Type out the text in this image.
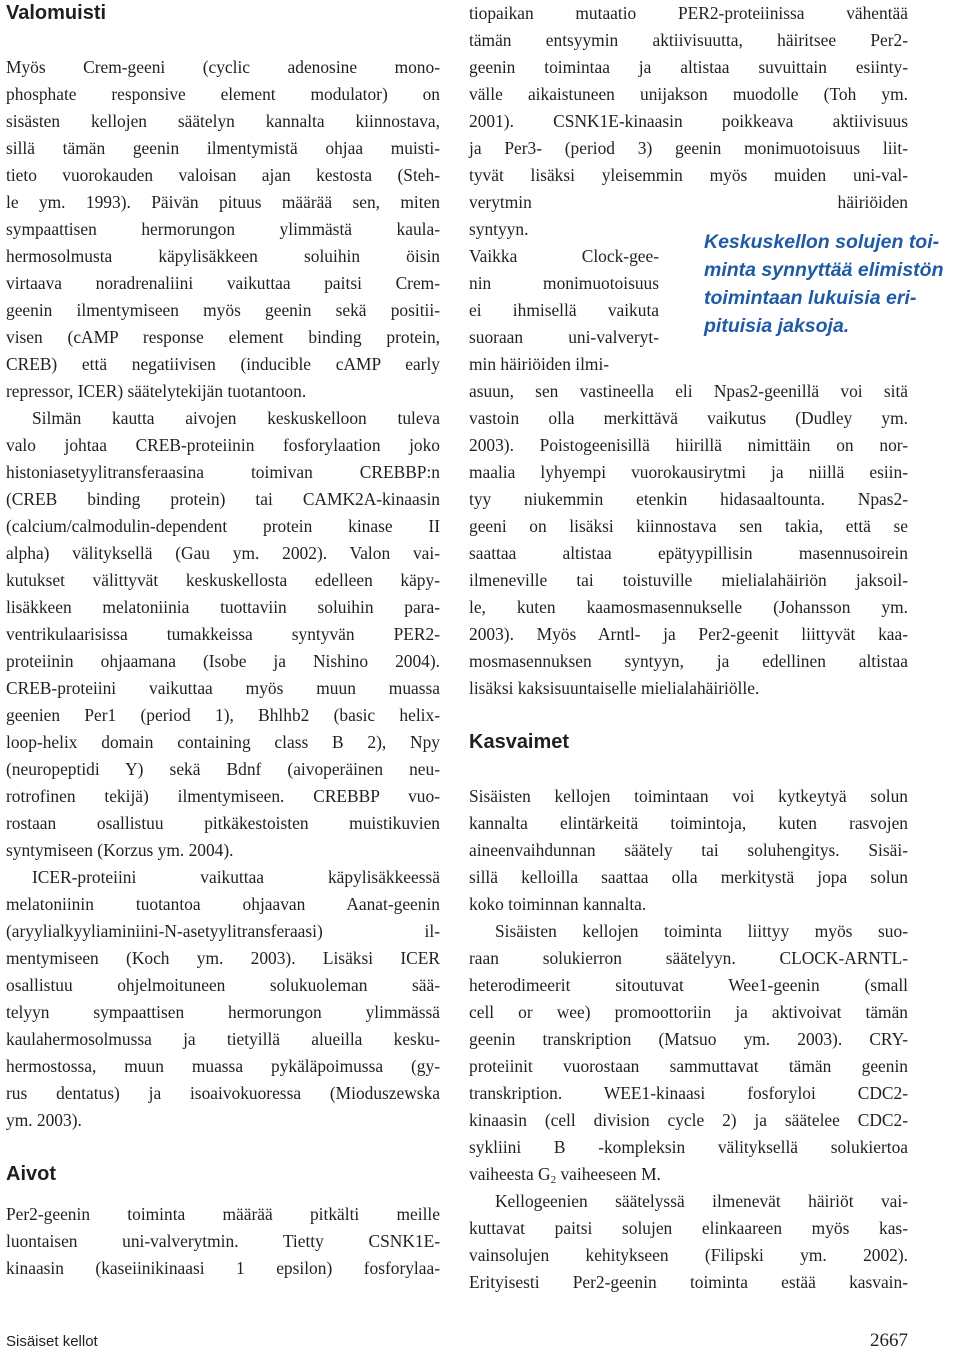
Valomuisti

Myös Crem-geeni (cyclic adenosine mono-
phosphate responsive element modulator) on
sisästen kellojen säätelyn kannalta kiinnostava,
sillä tämän geenin ilmentymistä ohjaa muisti-
tieto vuorokauden valoisan ajan kestosta (Steh-
le ym. 1993). Päivän pituus määrää sen, miten
sympaattisen hermorungon ylimmästä kaula-
hermosolmusta käpylisäkkeen soluihin öisin
virtaava noradrenaliini vaikuttaa paitsi Crem-
geenin ilmentymiseen myös geenin sekä positii-
visen (cAMP response element binding protein,
CREB) että negatiivisen (inducible cAMP early
repressor, ICER) säätelytekijän tuotantoon.

Silmän kautta aivojen keskuskelloon tuleva
valo johtaa CREB-proteiinin fosforylaation joko
histoniasetyylitransferaasina toimivan CREBBP:n
(CREB binding protein) tai CAMK2A-kinaasin
(calcium/calmodulin-dependent protein kinase II
alpha) välityksellä (Gau ym. 2002). Valon vai-
kutukset välittyvät keskuskellosta edelleen käpy-
lisäkkeen melatoniinia tuottaviin soluihin para-
ventrikulaarisissa tumakkeissa syntyvän PER2-
proteiinin ohjaamana (Isobe ja Nishino 2004).
CREB-proteiini vaikuttaa myös muun muassa
geenien Per1 (period 1), Bhlhb2 (basic helix-
loop-helix domain containing class B 2), Npy
(neuropeptidi Y) sekä Bdnf (aivoperäinen neu-
rotrofinen tekijä) ilmentymiseen. CREBBP vuo-
rostaan osallistuu pitkäkestoisten muistikuvien
syntymiseen (Korzus ym. 2004).

ICER-proteiini vaikuttaa käpylisäkkeessä
melatoniinin tuotantoa ohjaavan Aanat-geenin
(aryylialkyyliaminiini-N-asetyylitransferaasi) il-
mentymiseen (Koch ym. 2003). Lisäksi ICER
osallistuu ohjelmoituneen solukuoleman sää-
telyyn sympaattisen hermorungon ylimmässä
kaulahermosolmussa ja tietyillä alueilla kesku-
hermostossa, muun muassa pykäläpoimussa (gy-
rus dentatus) ja isoaivokuoressa (Mioduszewska
ym. 2003).

Aivot

Per2-geenin toiminta määrää pitkälti meille
luontaisen uni-valverytmin. Tietty CSNK1E-
kinaasin (kaseiinikinaasi 1 epsilon) fosforylaa-

tiopaikan mutaatio PER2-proteiinissa vähentää
tämän entsyymin aktiivisuutta, häiritsee Per2-
geenin toimintaa ja altistaa suvuittain esiinty-
välle aikaistuneen unijakson muodolle (Toh ym.
2001). CSNK1E-kinaasin poikkeava aktiivisuus
ja Per3- (period 3) geenin monimuotoisuus liit-
tyvät lisäksi yleisemmin myös muiden uni-val-
verytmin häiriöiden

syntyyn.
Vaikka Clock-gee-
nin monimuotoisuus
ei ihmisellä vaikuta
suoraan uni-valveryt-
min häiriöiden ilmi-

asuun, sen vastineella eli Npas2-geenillä voi sitä
vastoin olla merkittävä vaikutus (Dudley ym.
2003). Poistogeenisillä hiirillä nimittäin on nor-
maalia lyhyempi vuorokausirytmi ja niillä esiin-
tyy niukemmin etenkin hidasaaltounta. Npas2-
geeni on lisäksi kiinnostava sen takia, että se
saattaa altistaa epätyypillisin masennusoirein
ilmeneville tai toistuville mielialahäiriön jaksoil-
le, kuten kaamosmasennukselle (Johansson ym.
2003). Myös Arntl- ja Per2-geenit liittyvät kaa-
mosmasennuksen syntyyn, ja edellinen altistaa
lisäksi kaksisuuntaiselle mielialahäiriölle.

Kasvaimet

Sisäisten kellojen toimintaan voi kytkeytyä solun
kannalta elintärkeitä toimintoja, kuten rasvojen
aineenvaihdunnan säätely tai soluhengitys. Sisäi-
sillä kelloilla saattaa olla merkitystä jopa solun
koko toiminnan kannalta.

Sisäisten kellojen toiminta liittyy myös suo-
raan solukierron säätelyyn. CLOCK-ARNTL-
heterodimeerit sitoutuvat Wee1-geenin (small
cell or wee) promoottoriin ja aktivoivat tämän
geenin transkription (Matsuo ym. 2003). CRY-
proteiinit vuorostaan sammuttavat tämän geenin
transkription. WEE1-kinaasi fosforyloi CDC2-
kinaasin (cell division cycle 2) ja säätelee CDC2-
sykliini B -kompleksin välityksellä solukiertoa
vaiheesta $G_2$ vaiheeseen M.

Kellogeenien säätelyssä ilmenevät häiriöt vai-
kuttavat paitsi solujen elinkaareen myös kas-
vainsolujen kehitykseen (Filipski ym. 2002).
Erityisesti Per2-geenin toiminta estää kasvain-

Keskuskellon solujen toi-
minta synnyttää elimistön
toimintaan lukuisia eri-
pituisia jaksoja.
Sisäiset kellot	2667
